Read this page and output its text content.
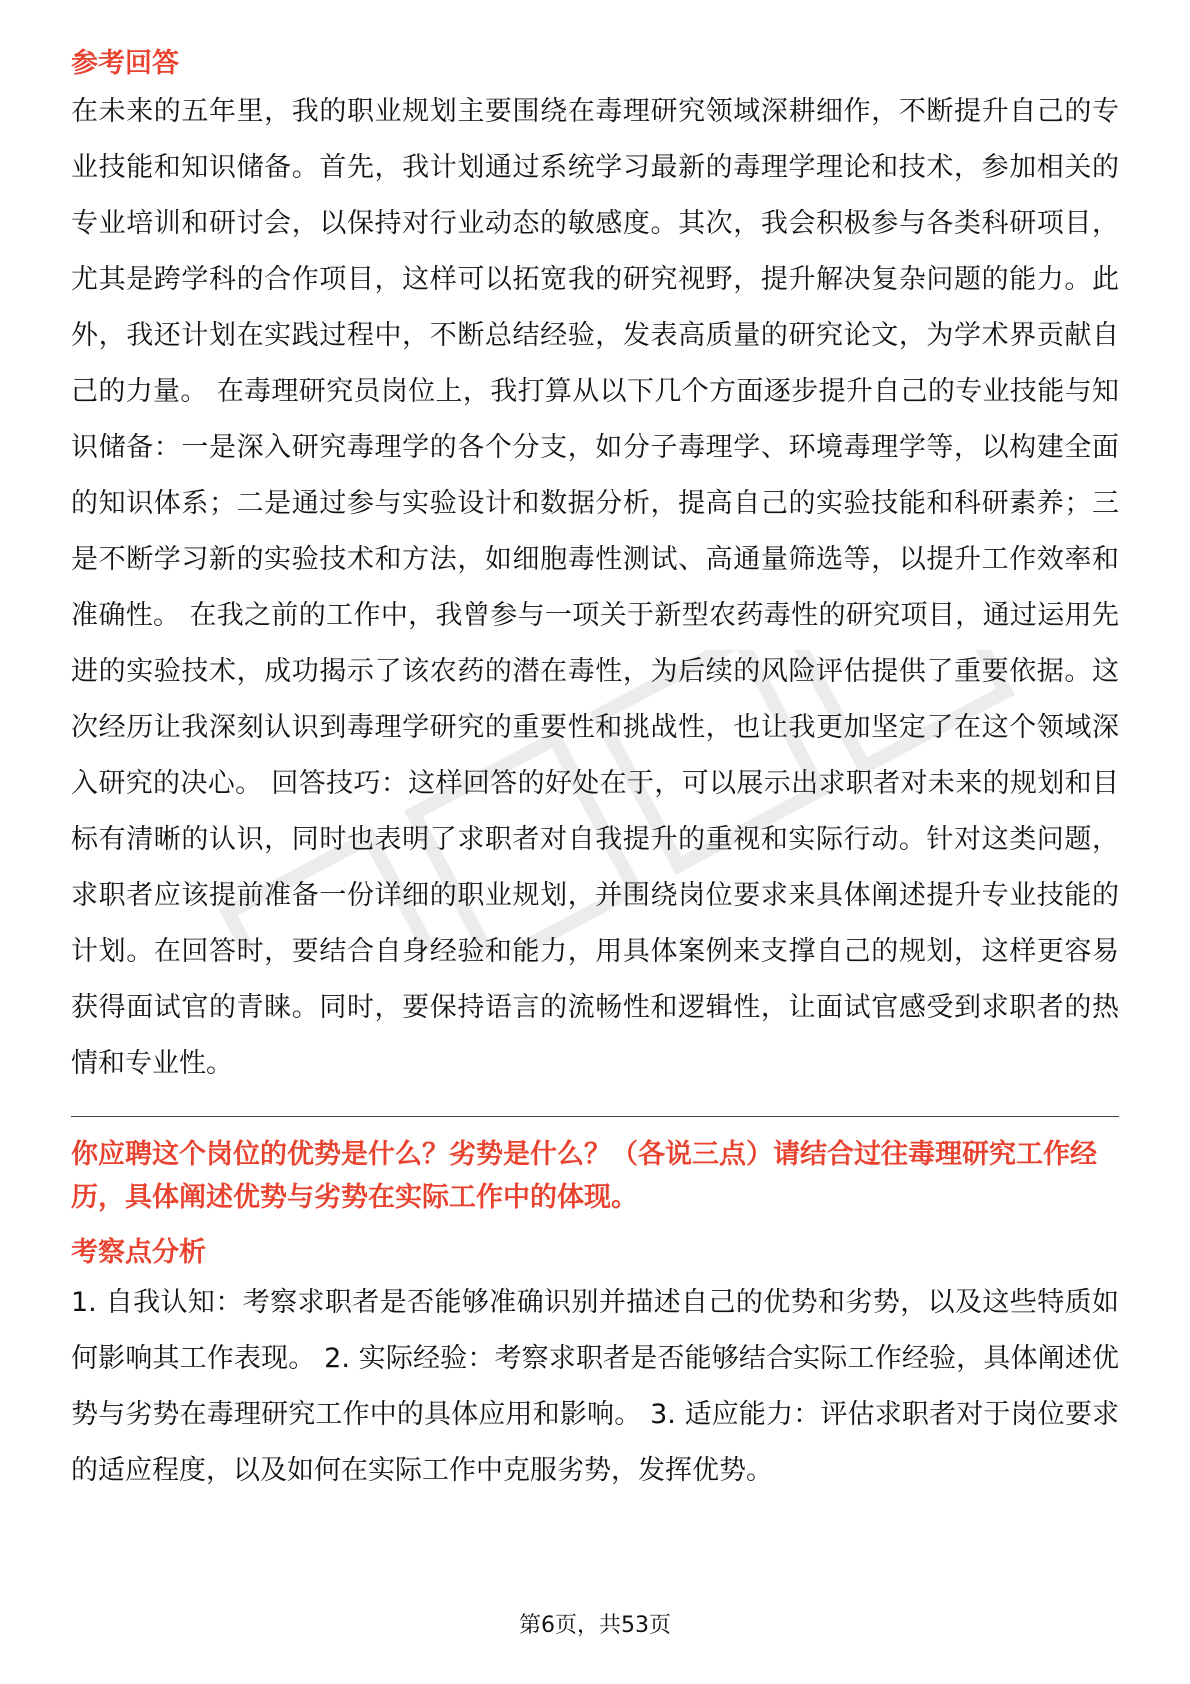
参考回答

在未来的五年里，我的职业规划主要围绕在毒理研究领域深耕细作，不断提升自己的专业技能和知识储备。首先，我计划通过系统学习最新的毒理学理论和技术，参加相关的专业培训和研讨会，以保持对行业动态的敏感度。其次，我会积极参与各类科研项目，尤其是跨学科的合作项目，这样可以拓宽我的研究视野，提升解决复杂问题的能力。此外，我还计划在实践过程中，不断总结经验，发表高质量的研究论文，为学术界贡献自己的力量。 在毒理研究员岗位上，我打算从以下几个方面逐步提升自己的专业技能与知识储备：一是深入研究毒理学的各个分支，如分子毒理学、环境毒理学等，以构建全面的知识体系；二是通过参与实验设计和数据分析，提高自己的实验技能和科研素养；三是不断学习新的实验技术和方法，如细胞毒性测试、高通量筛选等，以提升工作效率和准确性。 在我之前的工作中，我曾参与一项关于新型农药毒性的研究项目，通过运用先进的实验技术，成功揭示了该农药的潜在毒性，为后续的风险评估提供了重要依据。这次经历让我深刻认识到毒理学研究的重要性和挑战性，也让我更加坚定了在这个领域深入研究的决心。 回答技巧：这样回答的好处在于，可以展示出求职者对未来的规划和目标有清晰的认识，同时也表明了求职者对自我提升的重视和实际行动。针对这类问题，求职者应该提前准备一份详细的职业规划，并围绕岗位要求来具体阐述提升专业技能的计划。在回答时，要结合自身经验和能力，用具体案例来支撑自己的规划，这样更容易获得面试官的青睐。同时，要保持语言的流畅性和逻辑性，让面试官感受到求职者的热情和专业性。

你应聘这个岗位的优势是什么？劣势是什么？（各说三点）请结合过往毒理研究工作经历，具体阐述优势与劣势在实际工作中的体现。
考察点分析

1. 自我认知：考察求职者是否能够准确识别并描述自己的优势和劣势，以及这些特质如何影响其工作表现。 2. 实际经验：考察求职者是否能够结合实际工作经验，具体阐述优势与劣势在毒理研究工作中的具体应用和影响。 3. 适应能力：评估求职者对于岗位要求的适应程度，以及如何在实际工作中克服劣势，发挥优势。

第6页，共53页
